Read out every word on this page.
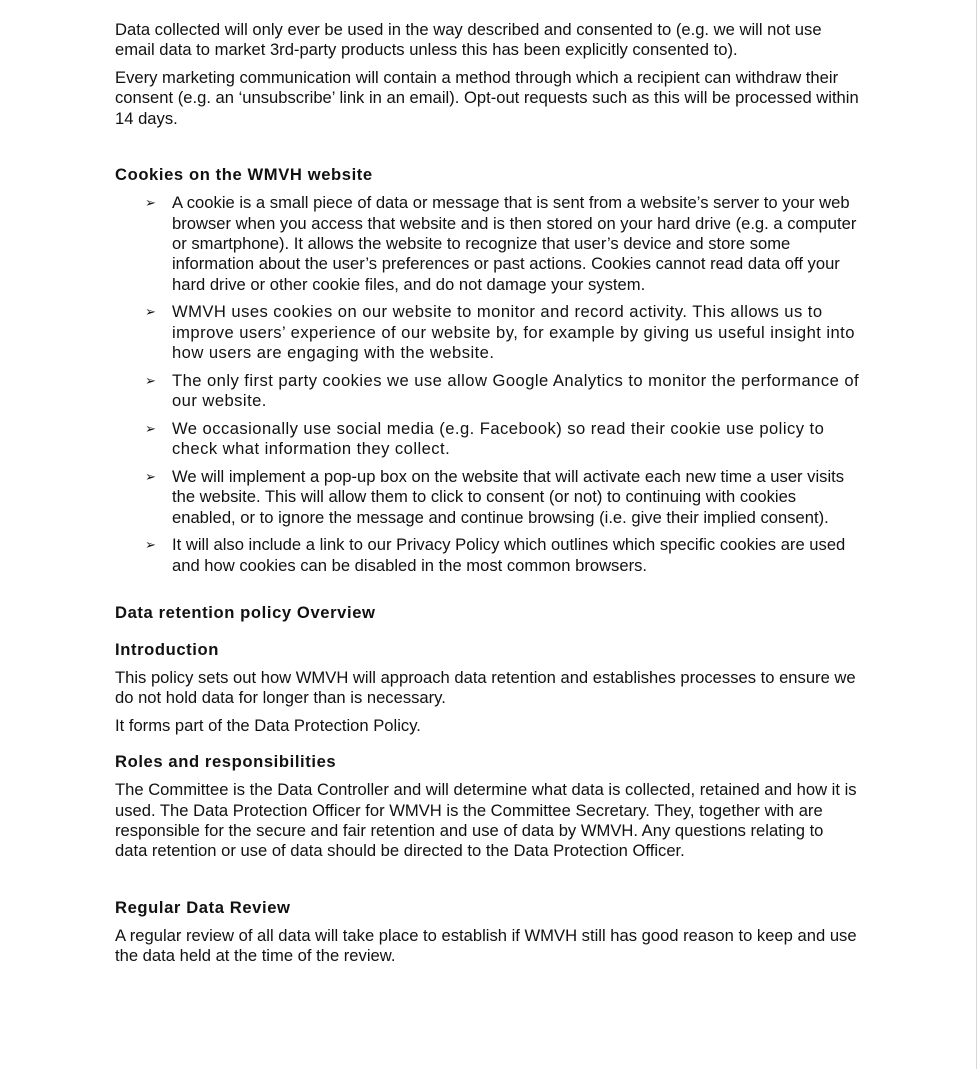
Data collected will only ever be used in the way described and consented to (e.g. we will not use email data to market 3rd-party products unless this has been explicitly consented to).

Every marketing communication will contain a method through which a recipient can withdraw their consent (e.g. an ‘unsubscribe’ link in an email). Opt-out requests such as this will be processed within 14 days.

Cookies on the WMVH website
➢ A cookie is a small piece of data or message that is sent from a website’s server to your web browser when you access that website and is then stored on your hard drive (e.g. a computer or smartphone). It allows the website to recognize that user’s device and store some information about the user’s preferences or past actions. Cookies cannot read data off your hard drive or other cookie files, and do not damage your system.
➢ WMVH uses cookies on our website to monitor and record activity. This allows us to improve users’ experience of our website by, for example by giving us useful insight into how users are engaging with the website.
➢ The only first party cookies we use allow Google Analytics to monitor the performance of our website.
➢ We occasionally use social media (e.g. Facebook) so read their cookie use policy to check what information they collect.
➢ We will implement a pop-up box on the website that will activate each new time a user visits the website. This will allow them to click to consent (or not) to continuing with cookies enabled, or to ignore the message and continue browsing (i.e. give their implied consent).
➢ It will also include a link to our Privacy Policy which outlines which specific cookies are used and how cookies can be disabled in the most common browsers.
Data retention policy Overview
Introduction

This policy sets out how WMVH will approach data retention and establishes processes to ensure we do not hold data for longer than is necessary.

It forms part of the Data Protection Policy.

Roles and responsibilities

The Committee is the Data Controller and will determine what data is collected, retained and how it is used. The Data Protection Officer for WMVH is the Committee Secretary. They, together with are responsible for the secure and fair retention and use of data by WMVH. Any questions relating to data retention or use of data should be directed to the Data Protection Officer.

Regular Data Review

A regular review of all data will take place to establish if WMVH still has good reason to keep and use the data held at the time of the review.
